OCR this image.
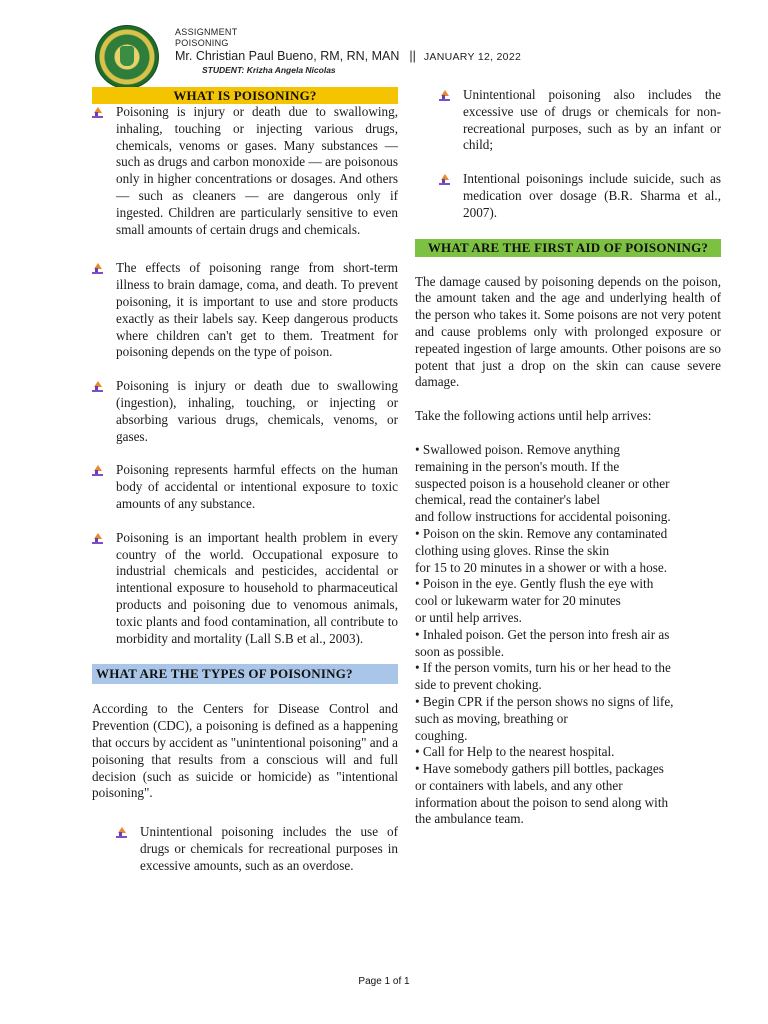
ASSIGNMENT
POISONING
Mr. Christian Paul Bueno, RM, RN, MAN || JANUARY 12, 2022
STUDENT: Krizha Angela Nicolas
WHAT IS POISONING?
Poisoning is injury or death due to swallowing, inhaling, touching or injecting various drugs, chemicals, venoms or gases. Many substances — such as drugs and carbon monoxide — are poisonous only in higher concentrations or dosages. And others — such as cleaners — are dangerous only if ingested. Children are particularly sensitive to even small amounts of certain drugs and chemicals.
The effects of poisoning range from short-term illness to brain damage, coma, and death. To prevent poisoning, it is important to use and store products exactly as their labels say. Keep dangerous products where children can't get to them. Treatment for poisoning depends on the type of poison.
Poisoning is injury or death due to swallowing (ingestion), inhaling, touching, or injecting or absorbing various drugs, chemicals, venoms, or gases.
Poisoning represents harmful effects on the human body of accidental or intentional exposure to toxic amounts of any substance.
Poisoning is an important health problem in every country of the world. Occupational exposure to industrial chemicals and pesticides, accidental or intentional exposure to household to pharmaceutical products and poisoning due to venomous animals, toxic plants and food contamination, all contribute to morbidity and mortality (Lall S.B et al., 2003).
WHAT ARE THE TYPES OF POISONING?
According to the Centers for Disease Control and Prevention (CDC), a poisoning is defined as a happening that occurs by accident as "unintentional poisoning" and a poisoning that results from a conscious will and full decision (such as suicide or homicide) as "intentional poisoning".
Unintentional poisoning includes the use of drugs or chemicals for recreational purposes in excessive amounts, such as an overdose.
Unintentional poisoning also includes the excessive use of drugs or chemicals for non-recreational purposes, such as by an infant or child;
Intentional poisonings include suicide, such as medication over dosage (B.R. Sharma et al., 2007).
WHAT ARE THE FIRST AID OF POISONING?
The damage caused by poisoning depends on the poison, the amount taken and the age and underlying health of the person who takes it. Some poisons are not very potent and cause problems only with prolonged exposure or repeated ingestion of large amounts. Other poisons are so potent that just a drop on the skin can cause severe damage.
Take the following actions until help arrives:
• Swallowed poison. Remove anything
remaining in the person's mouth. If the
suspected poison is a household cleaner or other
chemical, read the container's label
and follow instructions for accidental poisoning.
• Poison on the skin. Remove any contaminated
clothing using gloves. Rinse the skin
for 15 to 20 minutes in a shower or with a hose.
• Poison in the eye. Gently flush the eye with
cool or lukewarm water for 20 minutes
or until help arrives.
• Inhaled poison. Get the person into fresh air as
soon as possible.
• If the person vomits, turn his or her head to the
side to prevent choking.
• Begin CPR if the person shows no signs of life,
such as moving, breathing or
coughing.
• Call for Help to the nearest hospital.
• Have somebody gathers pill bottles, packages
or containers with labels, and any other
information about the poison to send along with
the ambulance team.
Page 1 of 1
